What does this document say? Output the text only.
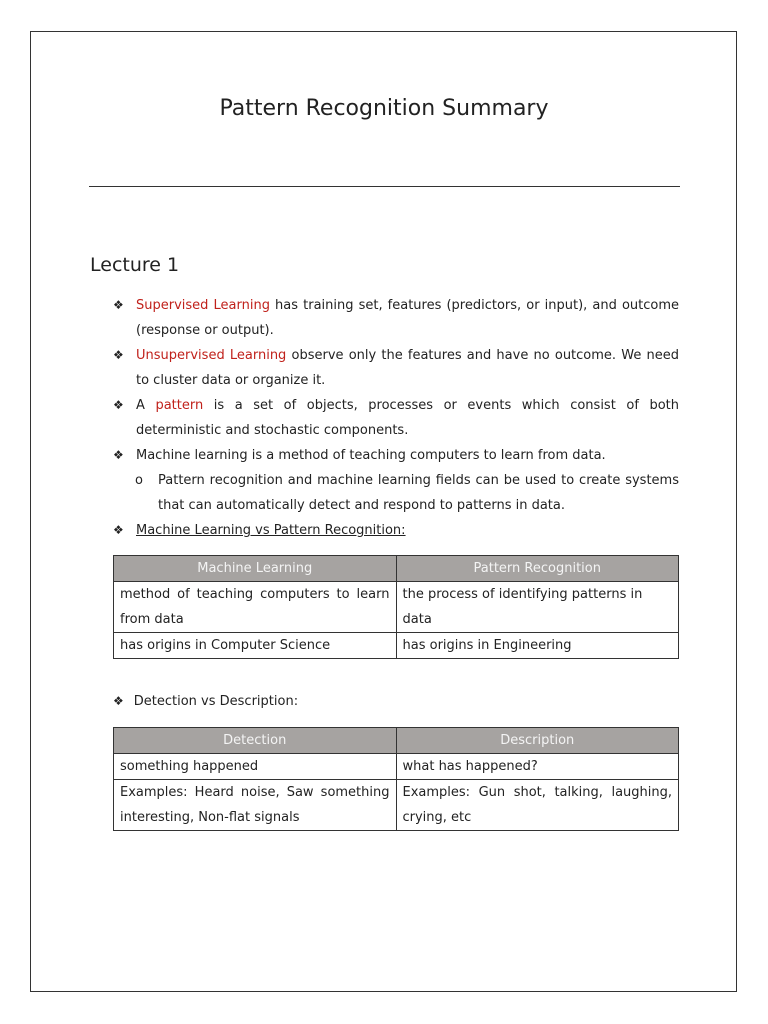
Pattern Recognition Summary
Lecture 1
❖ Supervised Learning has training set, features (predictors, or input), and outcome (response or output).
❖ Unsupervised Learning observe only the features and have no outcome. We need to cluster data or organize it.
❖ A pattern is a set of objects, processes or events which consist of both deterministic and stochastic components.
❖ Machine learning is a method of teaching computers to learn from data.
o Pattern recognition and machine learning fields can be used to create systems that can automatically detect and respond to patterns in data.
❖ Machine Learning vs Pattern Recognition:
Machine Learning	Pattern Recognition
method of teaching computers to learn from data	the process of identifying patterns in data
has origins in Computer Science	has origins in Engineering
❖ Detection vs Description:
Detection	Description
something happened	what has happened?
Examples: Heard noise, Saw something interesting, Non-flat signals	Examples: Gun shot, talking, laughing, crying, etc
